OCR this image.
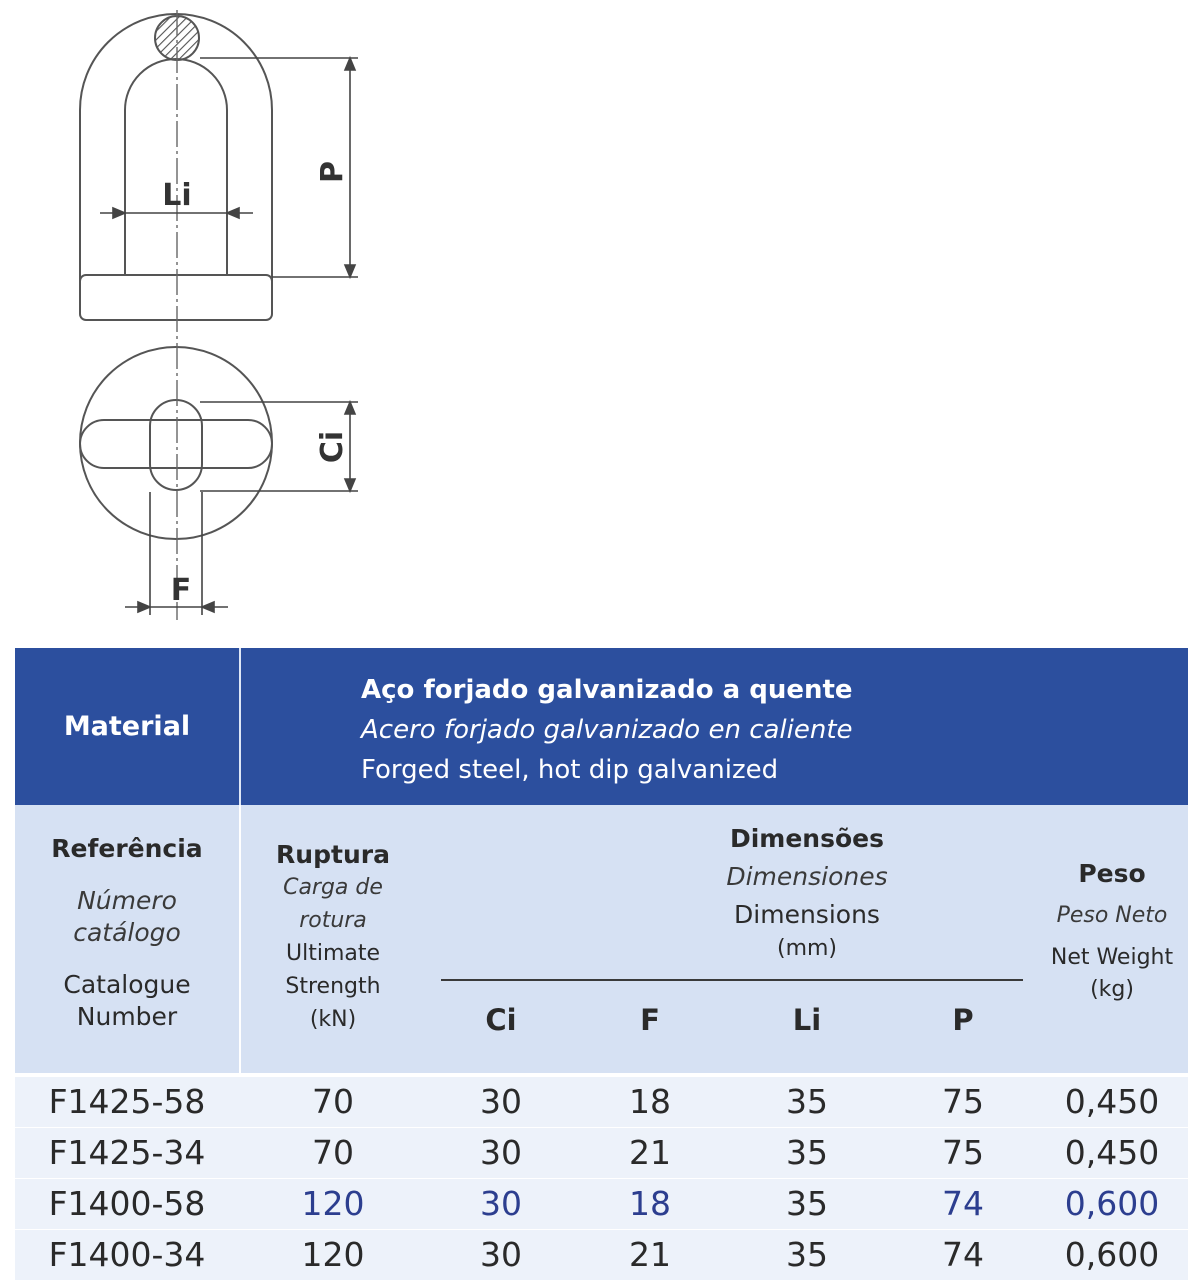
P
Li
Ci
F
Material
Aço forjado galvanizado a quente
Acero forjado galvanizado en caliente
Forged steel, hot dip galvanized
Referência
Número
catálogo
Catalogue
Number
Ruptura
Carga de
rotura
Ultimate
Strength
(kN)
Dimensões
Dimensiones
Dimensions
(mm)
Ci	F	Li	P
Peso
Peso Neto
Net Weight
(kg)
F1425-58	70	30	18	35	75	0,450
F1425-34	70	30	21	35	75	0,450
F1400-58	120	30	18	35	74	0,600
F1400-34	120	30	21	35	74	0,600
